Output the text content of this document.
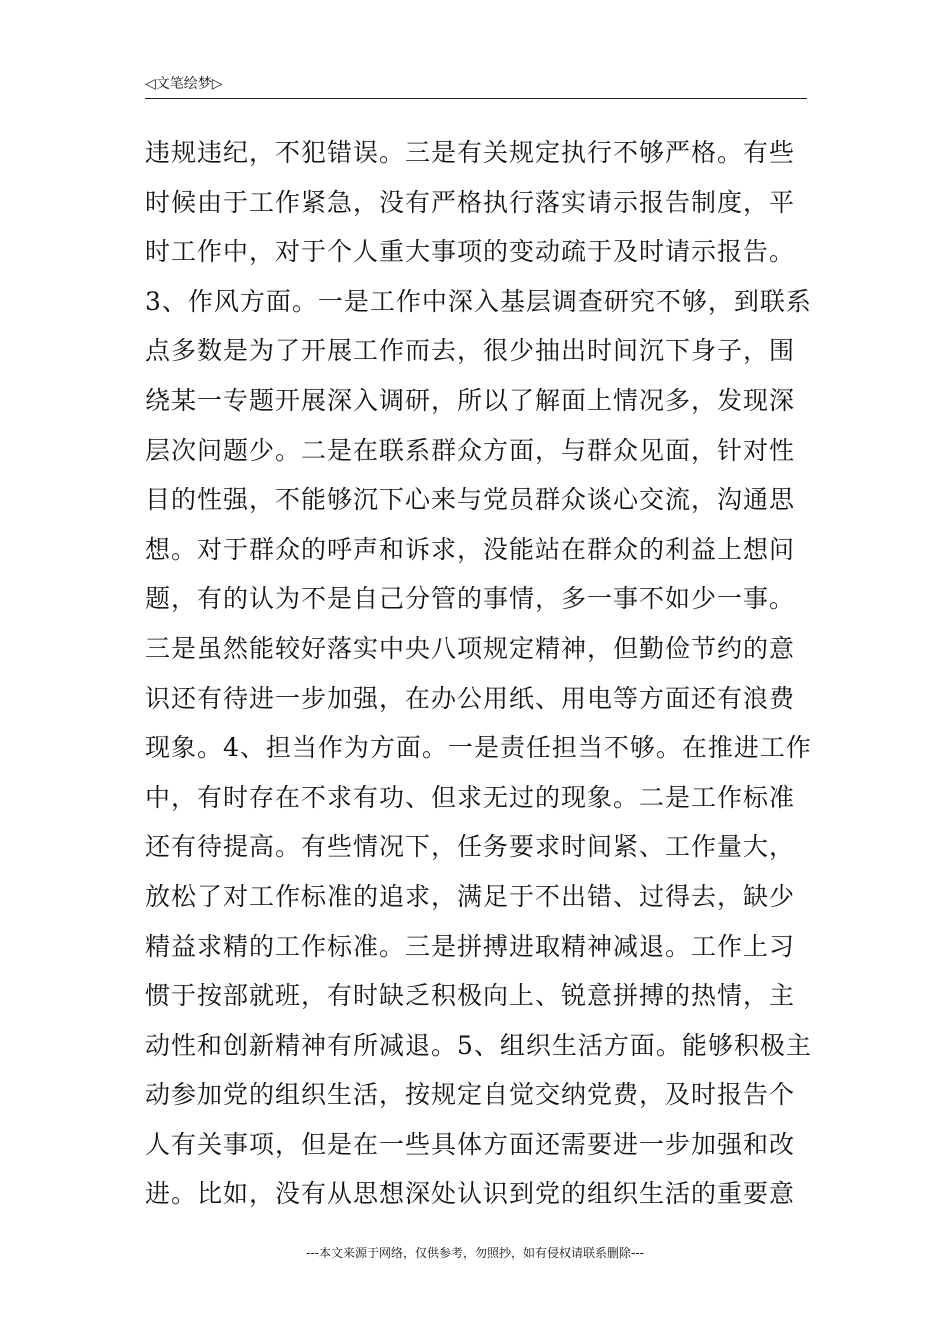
◁文笔绘梦▷
违规违纪，不犯错误。三是有关规定执行不够严格。有些
时候由于工作紧急，没有严格执行落实请示报告制度，平
时工作中，对于个人重大事项的变动疏于及时请示报告。
3、作风方面。一是工作中深入基层调查研究不够，到联系
点多数是为了开展工作而去，很少抽出时间沉下身子，围
绕某一专题开展深入调研，所以了解面上情况多，发现深
层次问题少。二是在联系群众方面，与群众见面，针对性
目的性强，不能够沉下心来与党员群众谈心交流，沟通思
想。对于群众的呼声和诉求，没能站在群众的利益上想问
题，有的认为不是自己分管的事情，多一事不如少一事。
三是虽然能较好落实中央八项规定精神，但勤俭节约的意
识还有待进一步加强，在办公用纸、用电等方面还有浪费
现象。4、担当作为方面。一是责任担当不够。在推进工作
中，有时存在不求有功、但求无过的现象。二是工作标准
还有待提高。有些情况下，任务要求时间紧、工作量大，
放松了对工作标准的追求，满足于不出错、过得去，缺少
精益求精的工作标准。三是拼搏进取精神减退。工作上习
惯于按部就班，有时缺乏积极向上、锐意拼搏的热情，主
动性和创新精神有所减退。5、组织生活方面。能够积极主
动参加党的组织生活，按规定自觉交纳党费，及时报告个
人有关事项，但是在一些具体方面还需要进一步加强和改
进。比如，没有从思想深处认识到党的组织生活的重要意
---本文来源于网络，仅供参考，勿照抄，如有侵权请联系删除---
